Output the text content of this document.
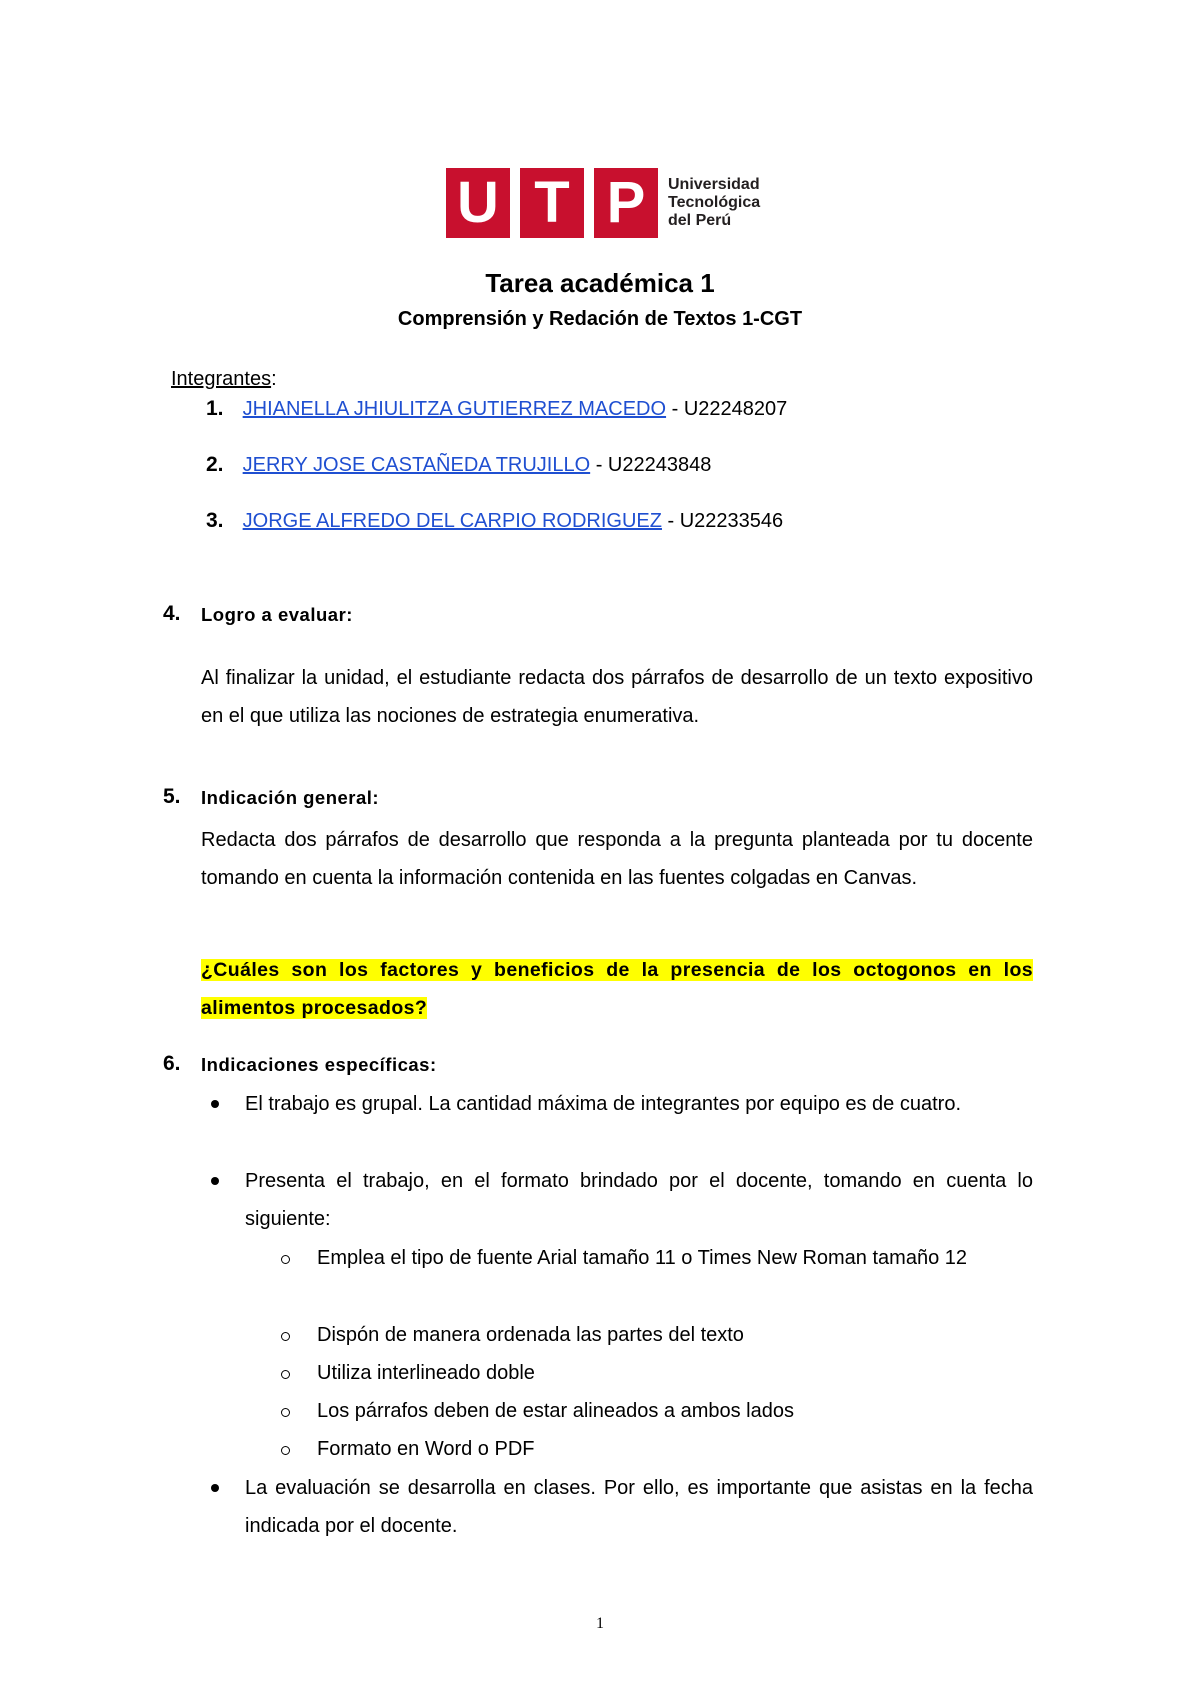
U T P	Universidad
Tecnológica
del Perú
Tarea académica 1
Comprensión y Redación de Textos 1-CGT
Integrantes:
1. JHIANELLA JHIULITZA GUTIERREZ MACEDO - U22248207
2. JERRY JOSE CASTAÑEDA TRUJILLO - U22243848
3. JORGE ALFREDO DEL CARPIO RODRIGUEZ - U22233546
4. Logro a evaluar:
Al finalizar la unidad, el estudiante redacta dos párrafos de desarrollo de un texto expositivo en el que utiliza las nociones de estrategia enumerativa.
5. Indicación general:
Redacta dos párrafos de desarrollo que responda a la pregunta planteada por tu docente tomando en cuenta la información contenida en las fuentes colgadas en Canvas.
¿Cuáles son los factores y beneficios de la presencia de los octogonos en los alimentos procesados?
6. Indicaciones específicas:
El trabajo es grupal. La cantidad máxima de integrantes por equipo es de cuatro.
Presenta el trabajo, en el formato brindado por el docente, tomando en cuenta lo siguiente:
Emplea el tipo de fuente Arial tamaño 11 o Times New Roman tamaño 12
Dispón de manera ordenada las partes del texto
Utiliza interlineado doble
Los párrafos deben de estar alineados a ambos lados
Formato en Word o PDF
La evaluación se desarrolla en clases. Por ello, es importante que asistas en la fecha indicada por el docente.
1
